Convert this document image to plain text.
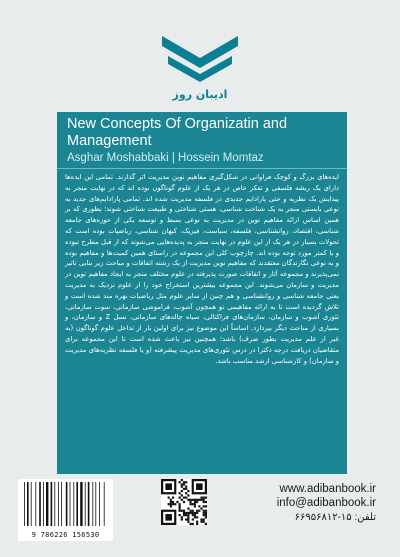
ادیبان روز
New Concepts Of Organizatin and Management
Asghar Moshabbaki | Hossein Momtaz
ایده‌های بزرگ و کوچک فراوانی در شکل‌گیری مفاهیم نوین مدیریت اثر گذارند. تمامی این ایده‌ها دارای یک ریشه فلسفی و تفکر خاص در هر یک از علوم گوناگون بوده اند که در نهایت منجر به پیدایش یک نظریه و حتی پارادایم جدیدی در فلسفه مدیریت شده اند. تمامی پارادایم‌های جدید به نوعی بایستی منجر به یک شناخت شناسی، هستی شناختی و طبیعت شناختی شوند؛ بطوری که بر همین اساس ارائه مفاهیم نوین در مدیریت به نوعی بسط و توسعه یکی از حوزه‌های جامعه شناسی، اقتصاد، روانشناسی، فلسفه، سیاست، فیزیک، کیهان شناسی، ریاضیات بوده است که تحولات بسیار در هر یک از این علوم در نهایت منجر به پدیده‌هایی می‌شوند که از قبل مطرح نبوده و یا کمتر مورد توجه بوده اند. چارچوب کلی این مجموعه در راستای همین کمیت‌ها و مفاهیم بوده و به نوعی نگارندگان معتقدند که مفاهیم نوین مدیریت از یک رشته اتفاقات و مباحث زیر بنایی تاثیر نمی‌پذیرند و مجموعه آثار و اتفاقات صورت پذیرفته در علوم مختلف منجر به ایجاد مفاهیم نوین در مدیریت و سازمان می‌شوند. این مجموعه بیشترین استخراج خود را از علوم نزدیک به مدیریت یعنی جامعه شناسی و روانشناسی و هم چنین از سایر علوم مثل ریاضیات بهره مند شده است و تلاش گردیده است تا به ارائه مفاهیمی نو همچون آشوب، فراموشی سازمانی، سوت سازمانی، تئوری آشوب و سازمان، سازمان‌های فراکتالی، سیاه چاله‌های سازمانی، نسل Z و سازمان، و بسیاری از مباحث دیگر بپردازد. اساساً این موضوع نیز برای اولین بار از تداخل علوم گوناگون (به غیر از علم مدیریت بطور صرف) باشد؛ همچنین نیز باعث شده است تا این مجموعه برای متقاضیان دریافت درجه دکترا در درس تئوری‌های مدیریت پیشرفته (و یا فلسفه نظریه‌های مدیریت و سازمان) و کارشناسی ارشد مناسب باشد.
9 786226 156530
www.adibanbook.ir
info@adibanbook.ir
تلفن: ۱۵-۶۶۹۵۶۸۱۲
